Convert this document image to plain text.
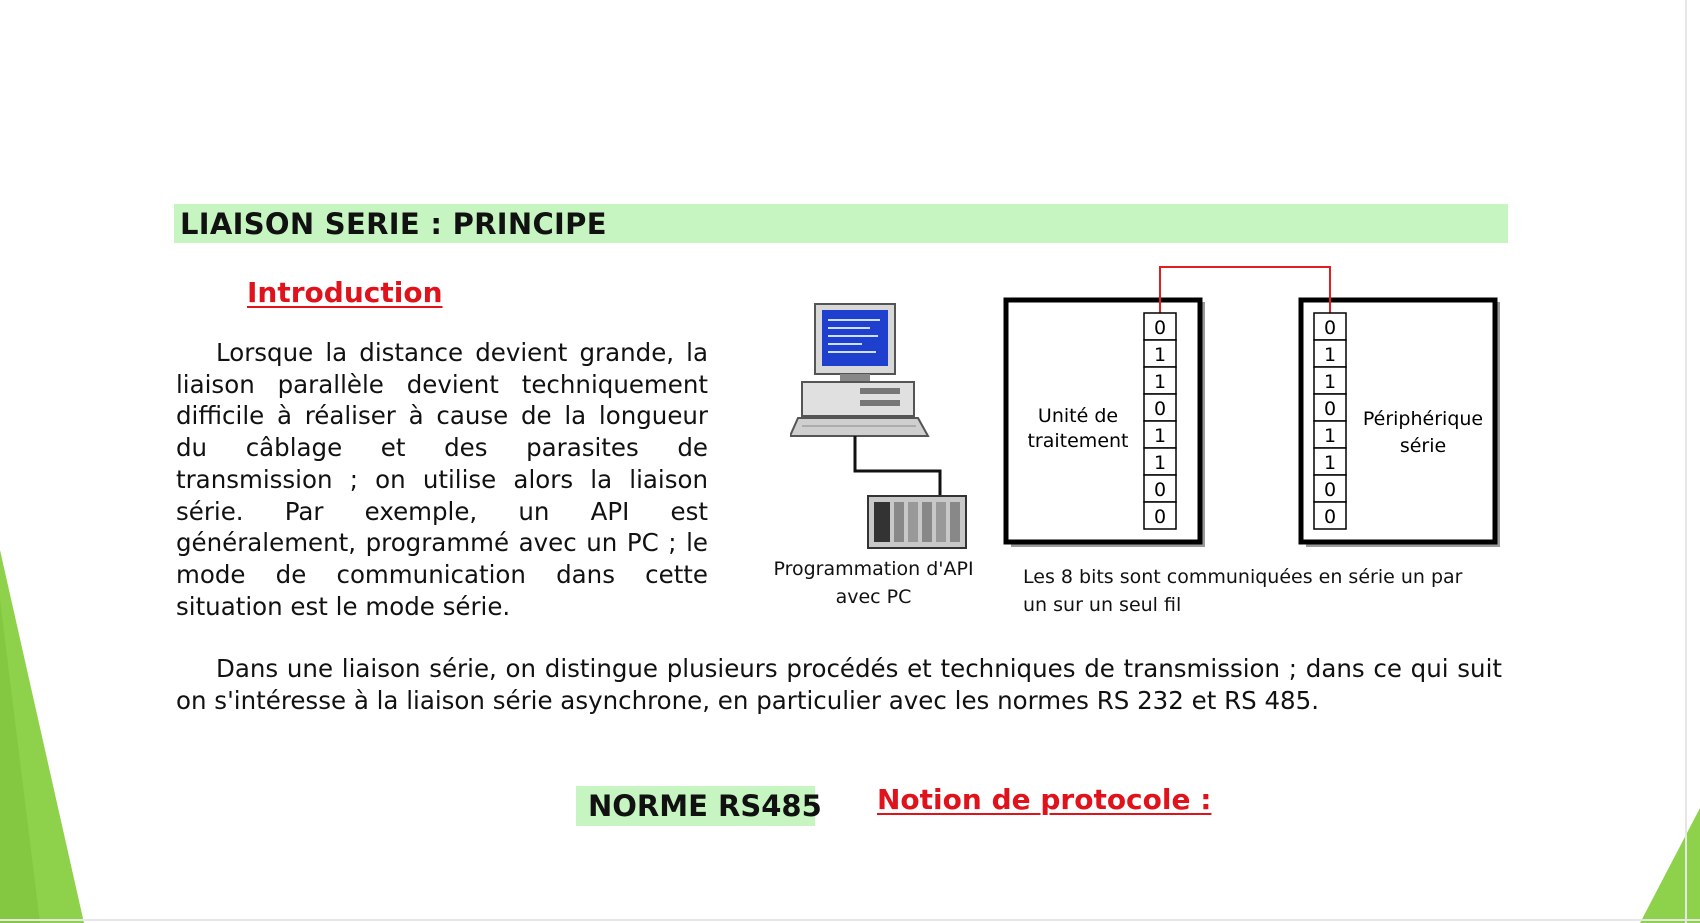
LIAISON SERIE : PRINCIPE
Introduction

Lorsque la distance devient grande, la liaison parallèle devient techniquement difficile à réaliser à cause de la longueur du câblage et des parasites de transmission ; on utilise alors la liaison série. Par exemple, un API est généralement, programmé avec un PC ; le mode de communication dans cette situation est le mode série.

Programmation d'API
avec PC
Unité de
traitement
Périphérique
série
0
1
1
0
1
1
0
0
0
1
1
0
1
1
0
0
Les 8 bits sont communiquées en série un par
un sur un seul fil

Dans une liaison série, on distingue plusieurs procédés et techniques de transmission ; dans ce qui suit on s'intéresse à la liaison série asynchrone, en particulier avec les normes RS 232 et RS 485.

NORME RS485 Notion de protocole :
